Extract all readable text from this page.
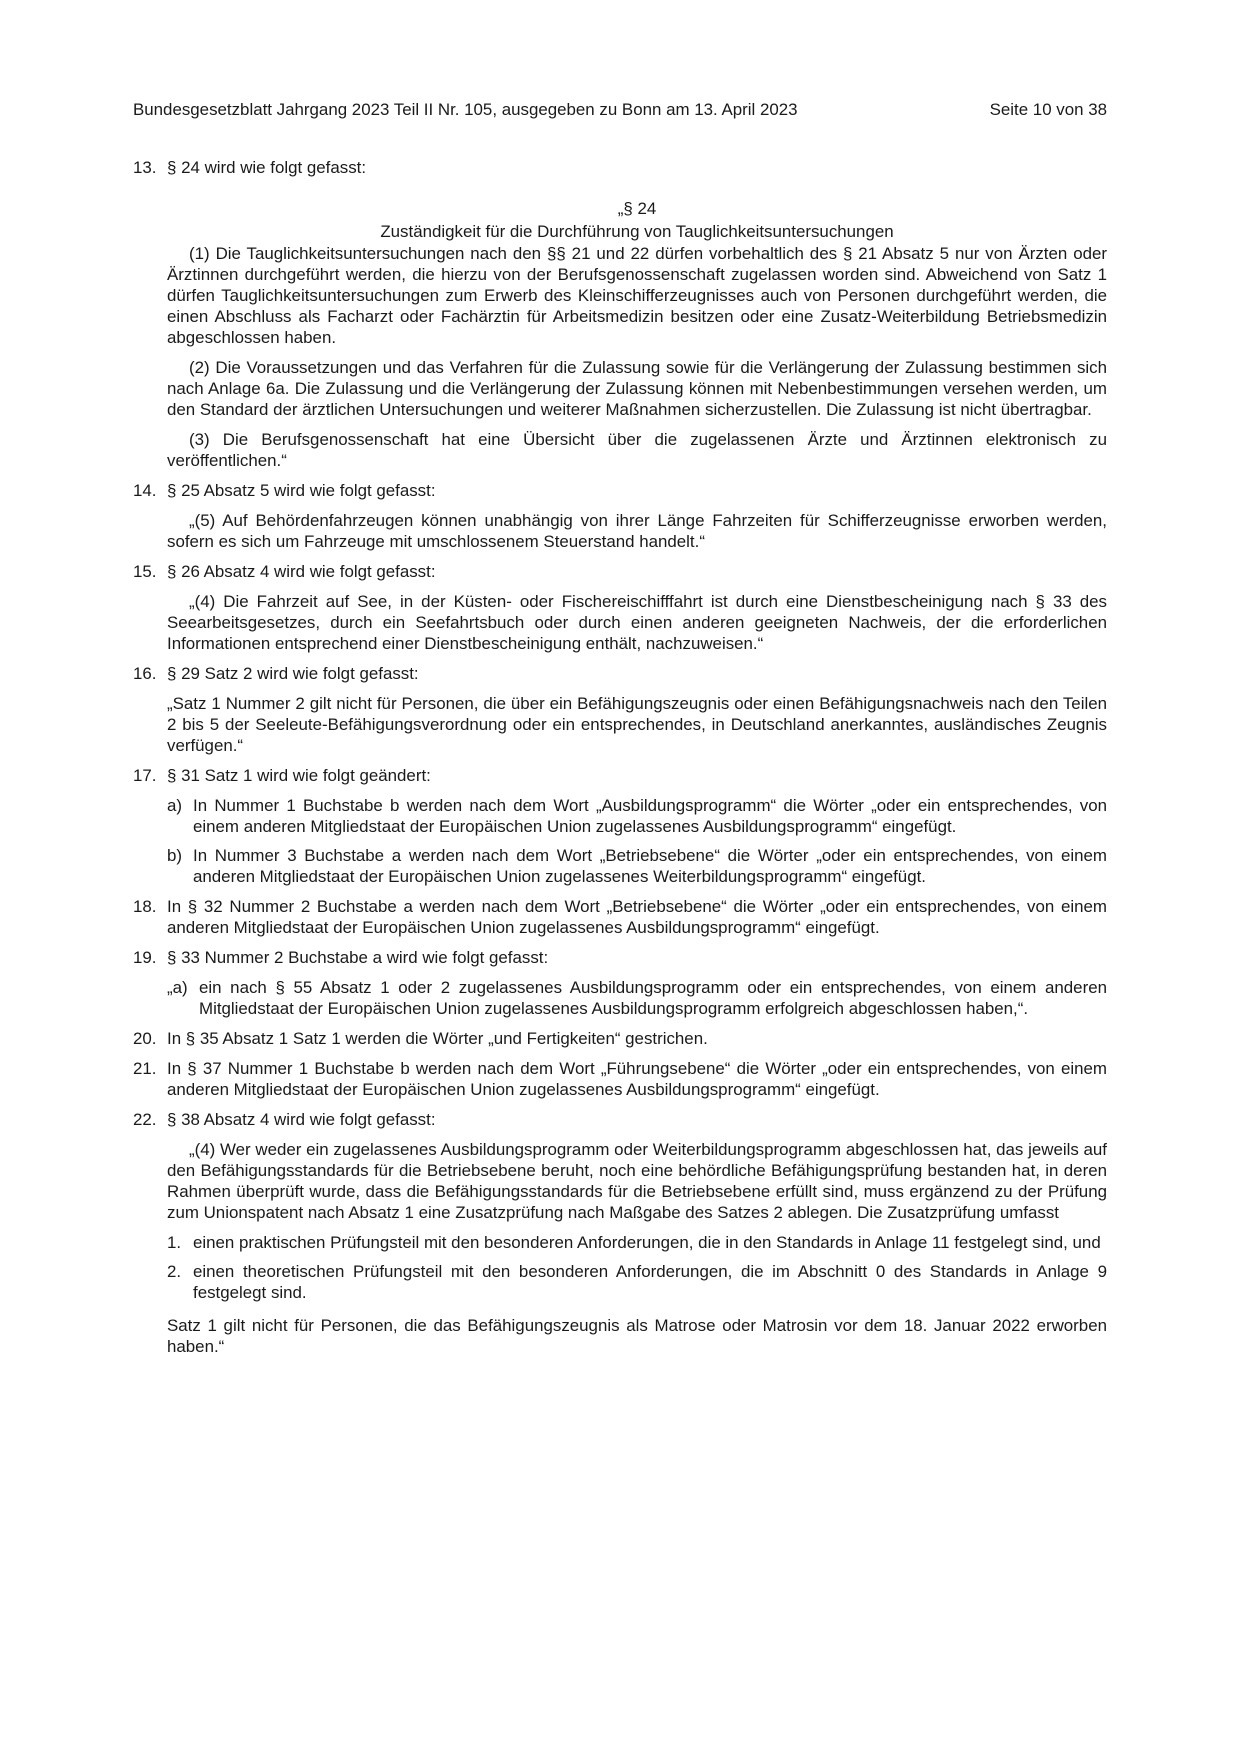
Bundesgesetzblatt Jahrgang 2023 Teil II Nr. 105, ausgegeben zu Bonn am 13. April 2023	Seite 10 von 38
13. § 24 wird wie folgt gefasst:

„§ 24

Zuständigkeit für die Durchführung von Tauglichkeitsuntersuchungen

(1) Die Tauglichkeitsuntersuchungen nach den §§ 21 und 22 dürfen vorbehaltlich des § 21 Absatz 5 nur von Ärzten oder Ärztinnen durchgeführt werden, die hierzu von der Berufsgenossenschaft zugelassen worden sind. Abweichend von Satz 1 dürfen Tauglichkeitsuntersuchungen zum Erwerb des Kleinschifferzeugnisses auch von Personen durchgeführt werden, die einen Abschluss als Facharzt oder Fachärztin für Arbeitsmedizin besitzen oder eine Zusatz-Weiterbildung Betriebsmedizin abgeschlossen haben.

(2) Die Voraussetzungen und das Verfahren für die Zulassung sowie für die Verlängerung der Zulassung bestimmen sich nach Anlage 6a. Die Zulassung und die Verlängerung der Zulassung können mit Nebenbestimmungen versehen werden, um den Standard der ärztlichen Untersuchungen und weiterer Maßnahmen sicherzustellen. Die Zulassung ist nicht übertragbar.

(3) Die Berufsgenossenschaft hat eine Übersicht über die zugelassenen Ärzte und Ärztinnen elektronisch zu veröffentlichen.“

14. § 25 Absatz 5 wird wie folgt gefasst:

„(5) Auf Behördenfahrzeugen können unabhängig von ihrer Länge Fahrzeiten für Schifferzeugnisse erworben werden, sofern es sich um Fahrzeuge mit umschlossenem Steuerstand handelt.“

15. § 26 Absatz 4 wird wie folgt gefasst:

„(4) Die Fahrzeit auf See, in der Küsten- oder Fischereischifffahrt ist durch eine Dienstbescheinigung nach § 33 des Seearbeitsgesetzes, durch ein Seefahrtsbuch oder durch einen anderen geeigneten Nachweis, der die erforderlichen Informationen entsprechend einer Dienstbescheinigung enthält, nachzuweisen.“

16. § 29 Satz 2 wird wie folgt gefasst:

„Satz 1 Nummer 2 gilt nicht für Personen, die über ein Befähigungszeugnis oder einen Befähigungsnachweis nach den Teilen 2 bis 5 der Seeleute-Befähigungsverordnung oder ein entsprechendes, in Deutschland anerkanntes, ausländisches Zeugnis verfügen.“

17. § 31 Satz 1 wird wie folgt geändert:

a) In Nummer 1 Buchstabe b werden nach dem Wort „Ausbildungsprogramm“ die Wörter „oder ein entsprechendes, von einem anderen Mitgliedstaat der Europäischen Union zugelassenes Ausbildungsprogramm“ eingefügt.

b) In Nummer 3 Buchstabe a werden nach dem Wort „Betriebsebene“ die Wörter „oder ein entsprechendes, von einem anderen Mitgliedstaat der Europäischen Union zugelassenes Weiterbildungsprogramm“ eingefügt.

18. In § 32 Nummer 2 Buchstabe a werden nach dem Wort „Betriebsebene“ die Wörter „oder ein entsprechendes, von einem anderen Mitgliedstaat der Europäischen Union zugelassenes Ausbildungsprogramm“ eingefügt.

19. § 33 Nummer 2 Buchstabe a wird wie folgt gefasst:

„a) ein nach § 55 Absatz 1 oder 2 zugelassenes Ausbildungsprogramm oder ein entsprechendes, von einem anderen Mitgliedstaat der Europäischen Union zugelassenes Ausbildungsprogramm erfolgreich abgeschlossen haben,“.

20. In § 35 Absatz 1 Satz 1 werden die Wörter „und Fertigkeiten“ gestrichen.

21. In § 37 Nummer 1 Buchstabe b werden nach dem Wort „Führungsebene“ die Wörter „oder ein entsprechendes, von einem anderen Mitgliedstaat der Europäischen Union zugelassenes Ausbildungsprogramm“ eingefügt.

22. § 38 Absatz 4 wird wie folgt gefasst:

„(4) Wer weder ein zugelassenes Ausbildungsprogramm oder Weiterbildungsprogramm abgeschlossen hat, das jeweils auf den Befähigungsstandards für die Betriebsebene beruht, noch eine behördliche Befähigungsprüfung bestanden hat, in deren Rahmen überprüft wurde, dass die Befähigungsstandards für die Betriebsebene erfüllt sind, muss ergänzend zu der Prüfung zum Unionspatent nach Absatz 1 eine Zusatzprüfung nach Maßgabe des Satzes 2 ablegen. Die Zusatzprüfung umfasst

1. einen praktischen Prüfungsteil mit den besonderen Anforderungen, die in den Standards in Anlage 11 festgelegt sind, und

2. einen theoretischen Prüfungsteil mit den besonderen Anforderungen, die im Abschnitt 0 des Standards in Anlage 9 festgelegt sind.

Satz 1 gilt nicht für Personen, die das Befähigungszeugnis als Matrose oder Matrosin vor dem 18. Januar 2022 erworben haben.“
